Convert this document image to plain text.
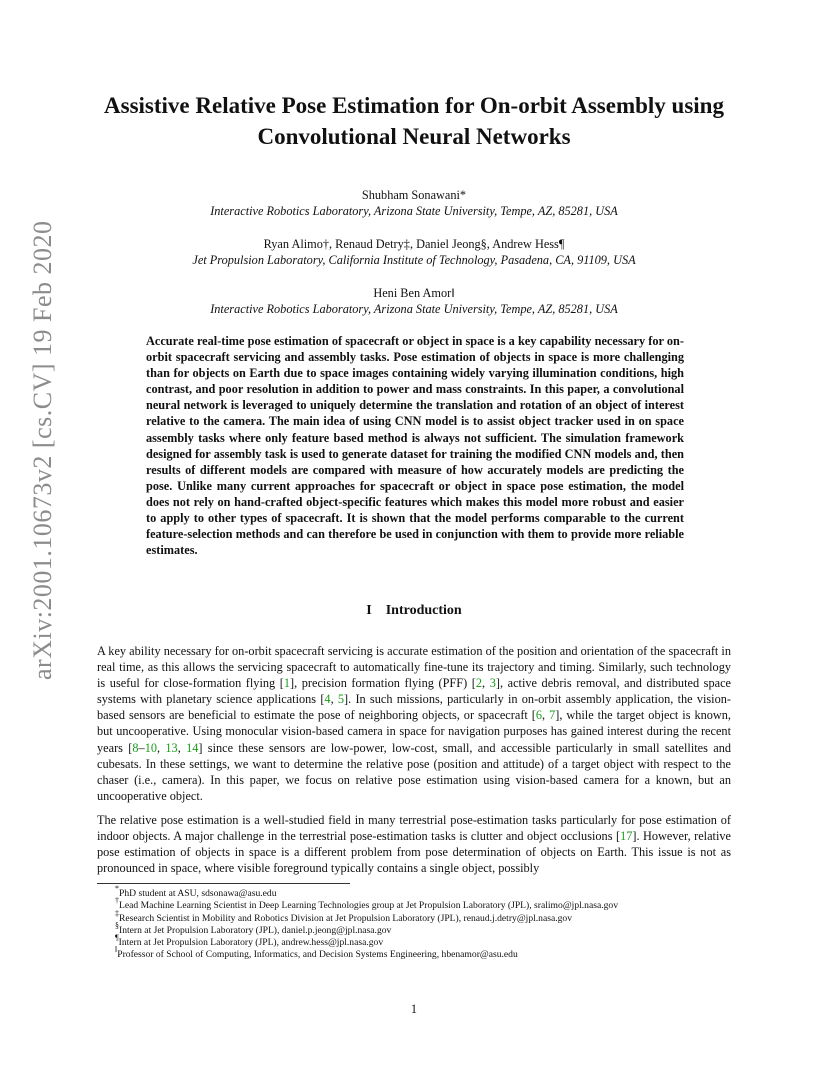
arXiv:2001.10673v2 [cs.CV] 19 Feb 2020
Assistive Relative Pose Estimation for On-orbit Assembly using
Convolutional Neural Networks
Shubham Sonawani*
Interactive Robotics Laboratory, Arizona State University, Tempe, AZ, 85281, USA
Ryan Alimo†, Renaud Detry‡, Daniel Jeong§, Andrew Hess¶
Jet Propulsion Laboratory, California Institute of Technology, Pasadena, CA, 91109, USA
Heni Ben Amor‖
Interactive Robotics Laboratory, Arizona State University, Tempe, AZ, 85281, USA
Accurate real-time pose estimation of spacecraft or object in space is a key capability necessary for on-orbit spacecraft servicing and assembly tasks. Pose estimation of objects in space is more challenging than for objects on Earth due to space images containing widely varying illumination conditions, high contrast, and poor resolution in addition to power and mass constraints. In this paper, a convolutional neural network is leveraged to uniquely determine the translation and rotation of an object of interest relative to the camera. The main idea of using CNN model is to assist object tracker used in on space assembly tasks where only feature based method is always not sufficient. The simulation framework designed for assembly task is used to generate dataset for training the modified CNN models and, then results of different models are compared with measure of how accurately models are predicting the pose. Unlike many current approaches for spacecraft or object in space pose estimation, the model does not rely on hand-crafted object-specific features which makes this model more robust and easier to apply to other types of spacecraft. It is shown that the model performs comparable to the current feature-selection methods and can therefore be used in conjunction with them to provide more reliable estimates.
I Introduction
A key ability necessary for on-orbit spacecraft servicing is accurate estimation of the position and orientation of the spacecraft in real time, as this allows the servicing spacecraft to automatically fine-tune its trajectory and timing. Similarly, such technology is useful for close-formation flying [1], precision formation flying (PFF) [2, 3], active debris removal, and distributed space systems with planetary science applications [4, 5]. In such missions, particularly in on-orbit assembly application, the vision-based sensors are beneficial to estimate the pose of neighboring objects, or spacecraft [6, 7], while the target object is known, but uncooperative. Using monocular vision-based camera in space for navigation purposes has gained interest during the recent years [8–10, 13, 14] since these sensors are low-power, low-cost, small, and accessible particularly in small satellites and cubesats. In these settings, we want to determine the relative pose (position and attitude) of a target object with respect to the chaser (i.e., camera). In this paper, we focus on relative pose estimation using vision-based camera for a known, but an uncooperative object.
The relative pose estimation is a well-studied field in many terrestrial pose-estimation tasks particularly for pose estimation of indoor objects. A major challenge in the terrestrial pose-estimation tasks is clutter and object occlusions [17]. However, relative pose estimation of objects in space is a different problem from pose determination of objects on Earth. This issue is not as pronounced in space, where visible foreground typically contains a single object, possibly
*PhD student at ASU, sdsonawa@asu.edu
†Lead Machine Learning Scientist in Deep Learning Technologies group at Jet Propulsion Laboratory (JPL), sralimo@jpl.nasa.gov
‡Research Scientist in Mobility and Robotics Division at Jet Propulsion Laboratory (JPL), renaud.j.detry@jpl.nasa.gov
§Intern at Jet Propulsion Laboratory (JPL), daniel.p.jeong@jpl.nasa.gov
¶Intern at Jet Propulsion Laboratory (JPL), andrew.hess@jpl.nasa.gov
‖Professor of School of Computing, Informatics, and Decision Systems Engineering, hbenamor@asu.edu
1
